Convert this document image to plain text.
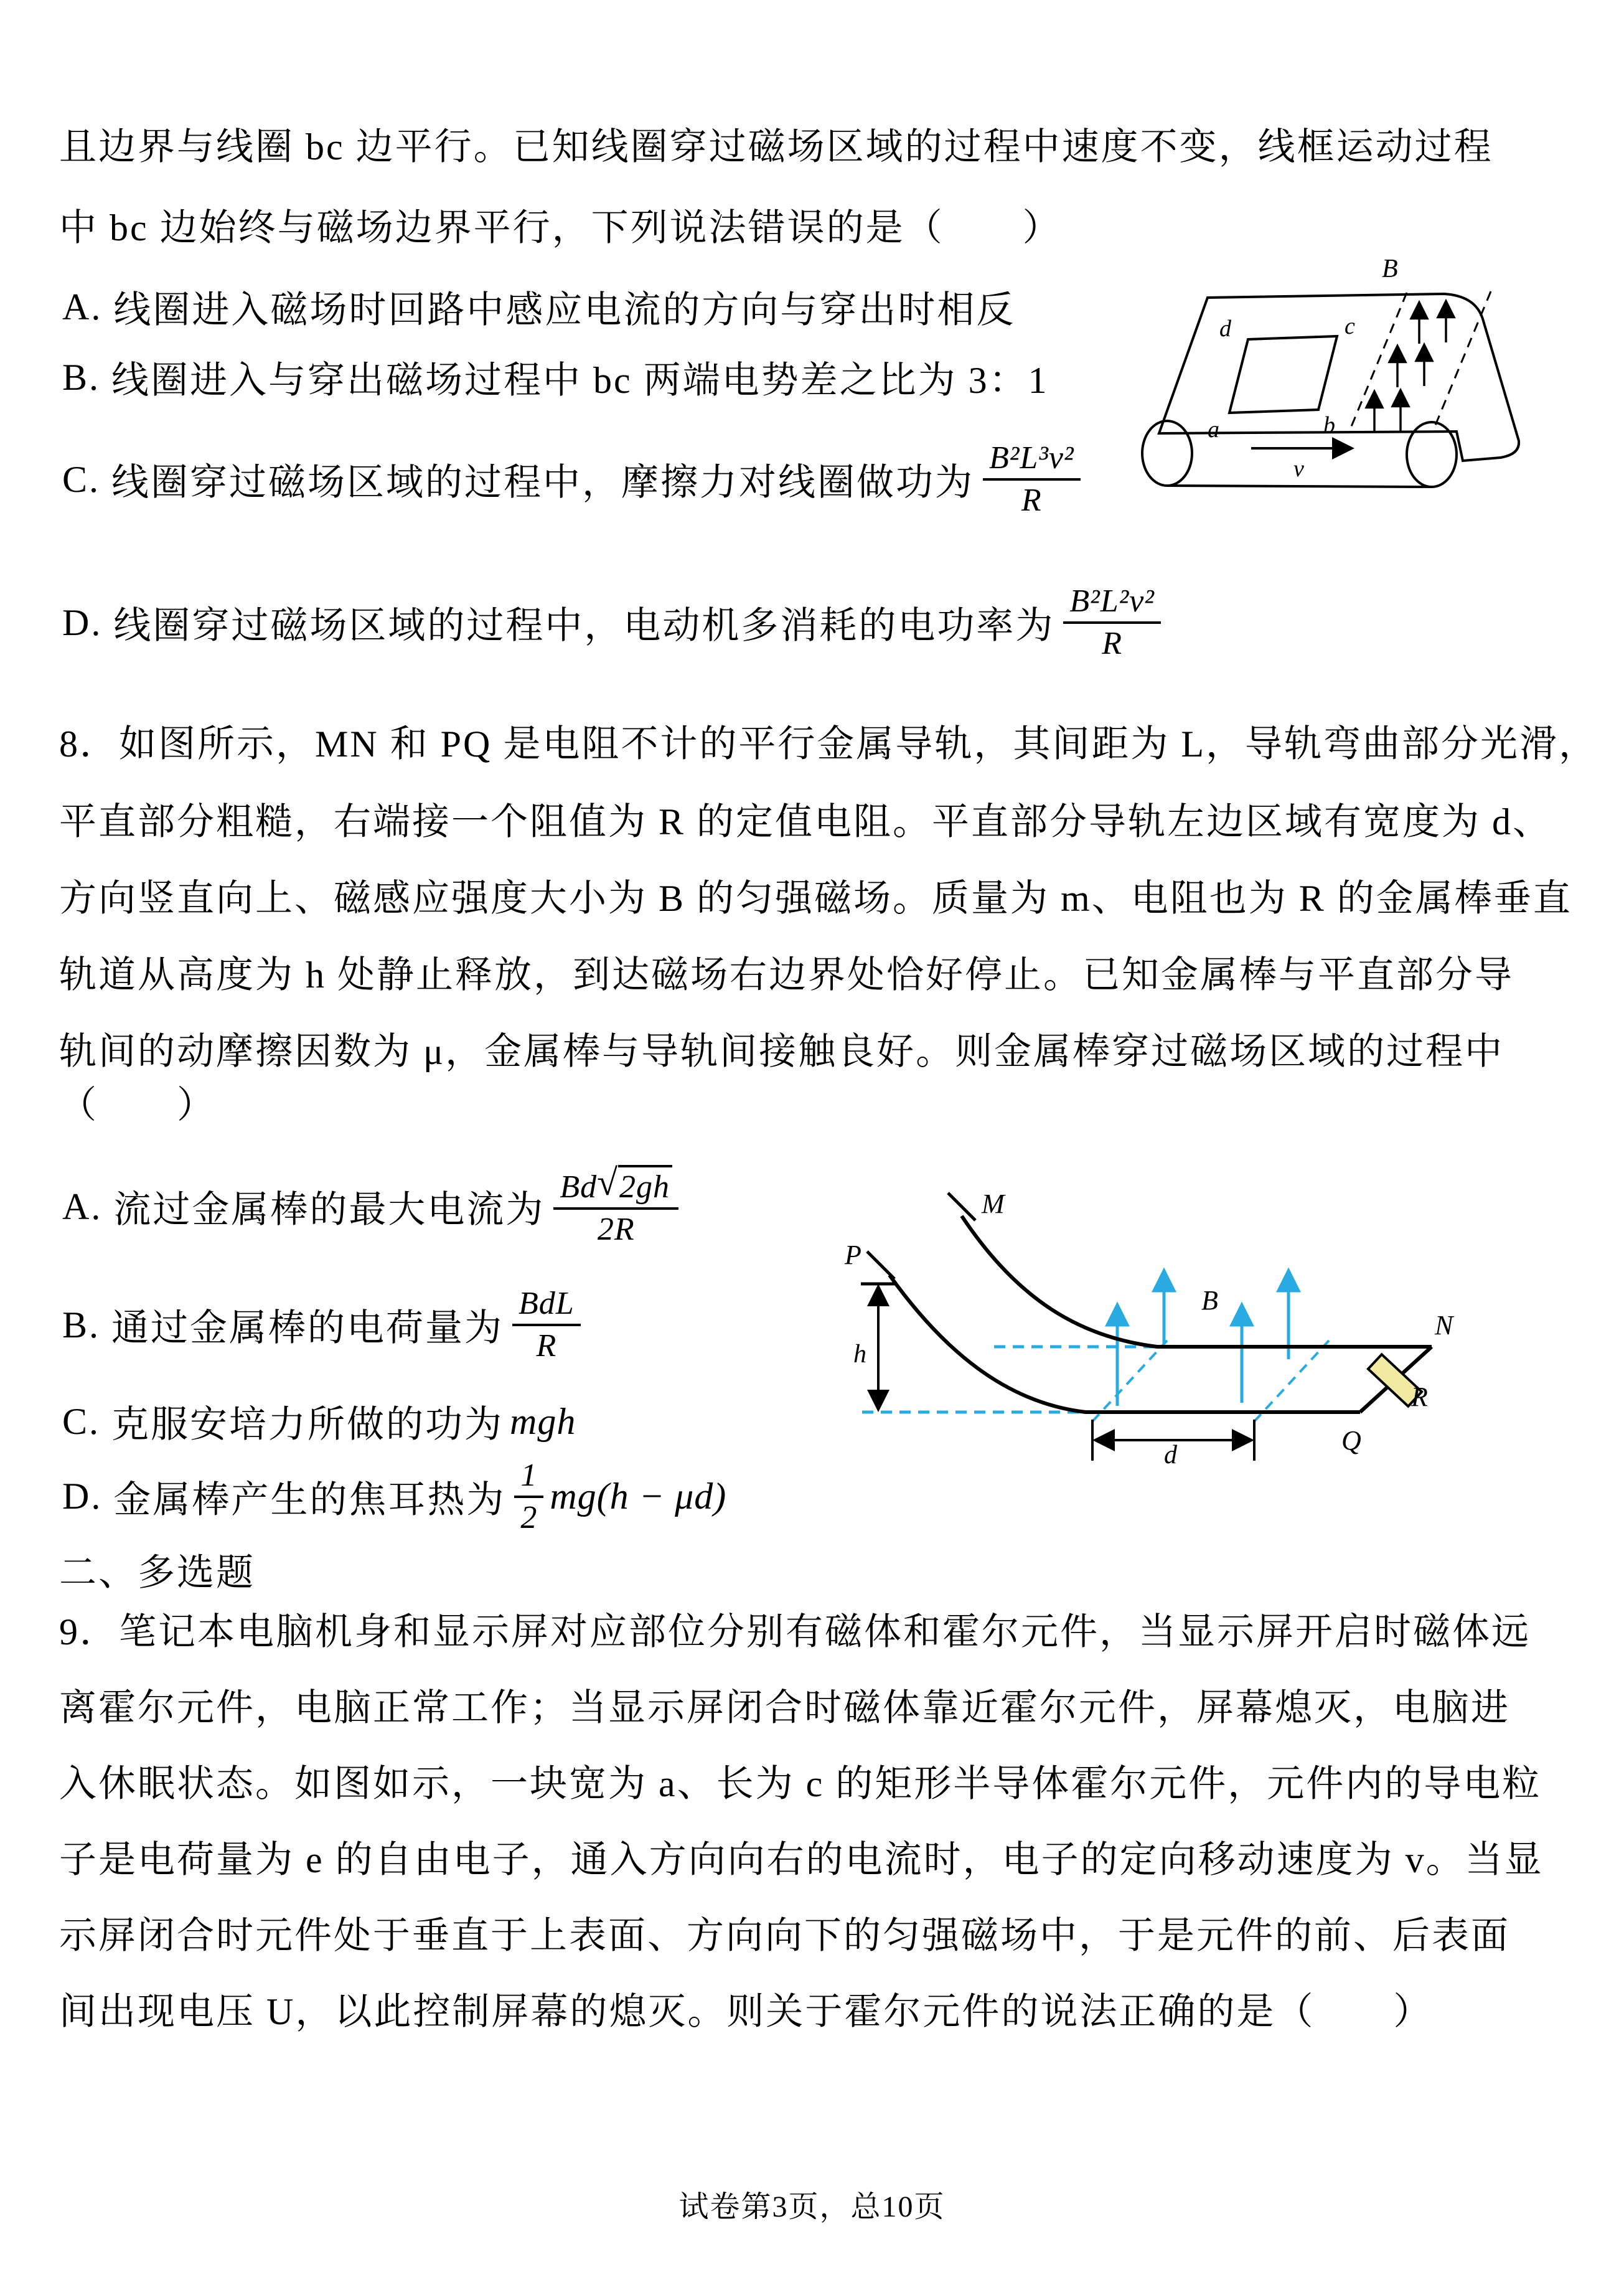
且边界与线圈 bc 边平行。已知线圈穿过磁场区域的过程中速度不变，线框运动过程
中 bc 边始终与磁场边界平行，下列说法错误的是（　　）
A. 线圈进入磁场时回路中感应电流的方向与穿出时相反
B. 线圈进入与穿出磁场过程中 bc 两端电势差之比为 3：1
C. 线圈穿过磁场区域的过程中，摩擦力对线圈做功为 $\frac{\text{B²L³v²}}{R}$
D. 线圈穿过磁场区域的过程中，电动机多消耗的电功率为 $\frac{\text{B²L²v²}}{R}$
d	c
a	b
B
v
8．如图所示，MN 和 PQ 是电阻不计的平行金属导轨，其间距为 L，导轨弯曲部分光滑，
平直部分粗糙，右端接一个阻值为 R 的定值电阻。平直部分导轨左边区域有宽度为 d、
方向竖直向上、磁感应强度大小为 B 的匀强磁场。质量为 m、电阻也为 R 的金属棒垂直
轨道从高度为 h 处静止释放，到达磁场右边界处恰好停止。已知金属棒与平直部分导
轨间的动摩擦因数为 μ，金属棒与导轨间接触良好。则金属棒穿过磁场区域的过程中
（　　）
A. 流过金属棒的最大电流为 $\frac{Bd √ 2gh}{2R}$
B. 通过金属棒的电荷量为 $\frac{\text{BdL}}{R}$
C. 克服安培力所做的功为 mgh
D. 金属棒产生的焦耳热为 $\frac{1}{2} mg(h - \mu d)$
B
M
P
N
Q
R
h
d
二、多选题
9．笔记本电脑机身和显示屏对应部位分别有磁体和霍尔元件，当显示屏开启时磁体远
离霍尔元件，电脑正常工作；当显示屏闭合时磁体靠近霍尔元件，屏幕熄灭，电脑进
入休眠状态。如图如示，一块宽为 a、长为 c 的矩形半导体霍尔元件，元件内的导电粒
子是电荷量为 e 的自由电子，通入方向向右的电流时，电子的定向移动速度为 v。当显
示屏闭合时元件处于垂直于上表面、方向向下的匀强磁场中，于是元件的前、后表面
间出现电压 U，以此控制屏幕的熄灭。则关于霍尔元件的说法正确的是（　　）
试卷第3页，总10页
